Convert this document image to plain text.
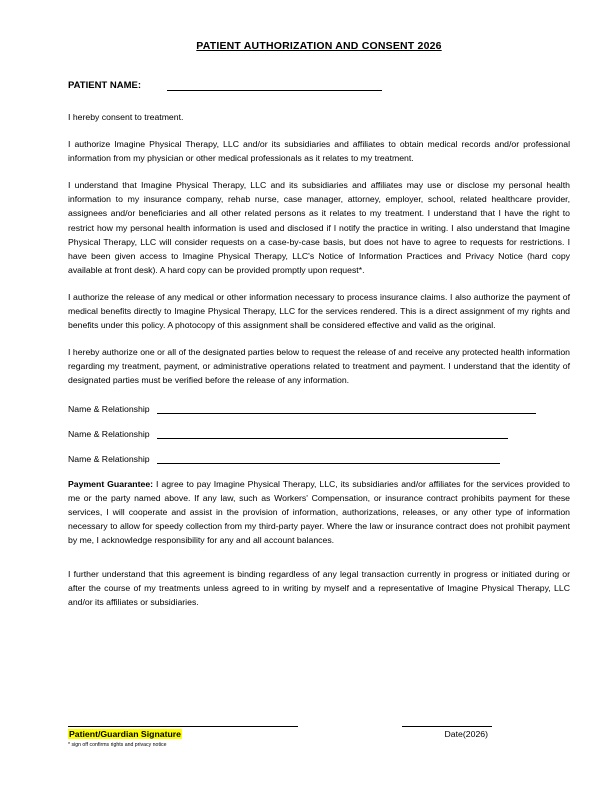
PATIENT AUTHORIZATION AND CONSENT 2026
PATIENT NAME:

I hereby consent to treatment.

I authorize Imagine Physical Therapy, LLC and/or its subsidiaries and affiliates to obtain medical records and/or professional information from my physician or other medical professionals as it relates to my treatment.

I understand that Imagine Physical Therapy, LLC and its subsidiaries and affiliates may use or disclose my personal health information to my insurance company, rehab nurse, case manager, attorney, employer, school, related healthcare provider, assignees and/or beneficiaries and all other related persons as it relates to my treatment. I understand that I have the right to restrict how my personal health information is used and disclosed if I notify the practice in writing. I also understand that Imagine Physical Therapy, LLC will consider requests on a case-by-case basis, but does not have to agree to requests for restrictions. I have been given access to Imagine Physical Therapy, LLC's Notice of Information Practices and Privacy Notice (hard copy available at front desk). A hard copy can be provided promptly upon request*.

I authorize the release of any medical or other information necessary to process insurance claims. I also authorize the payment of medical benefits directly to Imagine Physical Therapy, LLC for the services rendered. This is a direct assignment of my rights and benefits under this policy. A photocopy of this assignment shall be considered effective and valid as the original.

I hereby authorize one or all of the designated parties below to request the release of and receive any protected health information regarding my treatment, payment, or administrative operations related to treatment and payment. I understand that the identity of designated parties must be verified before the release of any information.

Name & Relationship
Name & Relationship
Name & Relationship

Payment Guarantee: I agree to pay Imagine Physical Therapy, LLC, its subsidiaries and/or affiliates for the services provided to me or the party named above. If any law, such as Workers' Compensation, or insurance contract prohibits payment for these services, I will cooperate and assist in the provision of information, authorizations, releases, or any other type of information necessary to allow for speedy collection from my third-party payer. Where the law or insurance contract does not prohibit payment by me, I acknowledge responsibility for any and all account balances.

I further understand that this agreement is binding regardless of any legal transaction currently in progress or initiated during or after the course of my treatments unless agreed to in writing by myself and a representative of Imagine Physical Therapy, LLC and/or its affiliates or subsidiaries.

Patient/Guardian Signature	Date(2026)
* sign off confirms rights and privacy notice
